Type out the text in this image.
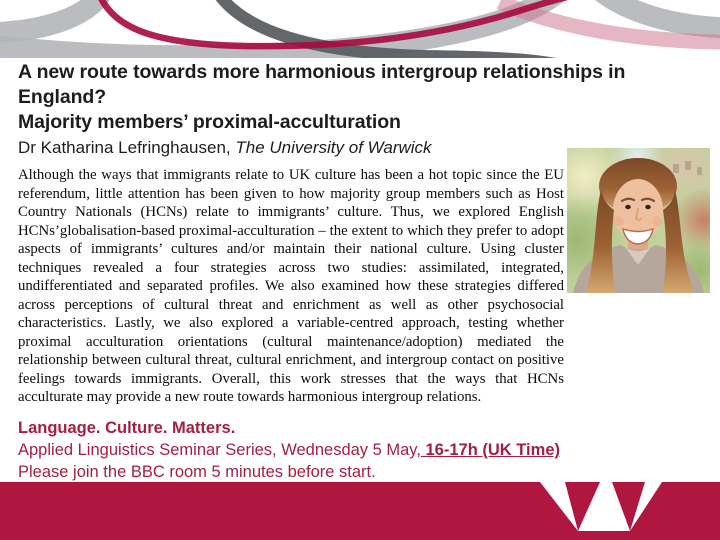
A new route towards more harmonious intergroup relationships in England?
Majority members’ proximal-acculturation
Dr Katharina Lefringhausen, The University of Warwick
Although the ways that immigrants relate to UK culture has been a hot topic since the EU referendum, little attention has been given to how majority group members such as Host Country Nationals (HCNs) relate to immigrants’ culture. Thus, we explored English HCNs’globalisation-based proximal-acculturation – the extent to which they prefer to adopt aspects of immigrants’ cultures and/or maintain their national culture. Using cluster techniques revealed a four strategies across two studies: assimilated, integrated, undifferentiated and separated profiles. We also examined how these strategies differed across perceptions of cultural threat and enrichment as well as other psychosocial characteristics. Lastly, we also explored a variable-centred approach, testing whether proximal acculturation orientations (cultural maintenance/adoption) mediated the relationship between cultural threat, cultural enrichment, and intergroup contact on positive feelings towards immigrants. Overall, this work stresses that the ways that HCNs acculturate may provide a new route towards harmonious intergroup relations.
Language. Culture. Matters.
Applied Linguistics Seminar Series, Wednesday 5 May, 16-17h (UK Time)
Please join the BBC room 5 minutes before start.
